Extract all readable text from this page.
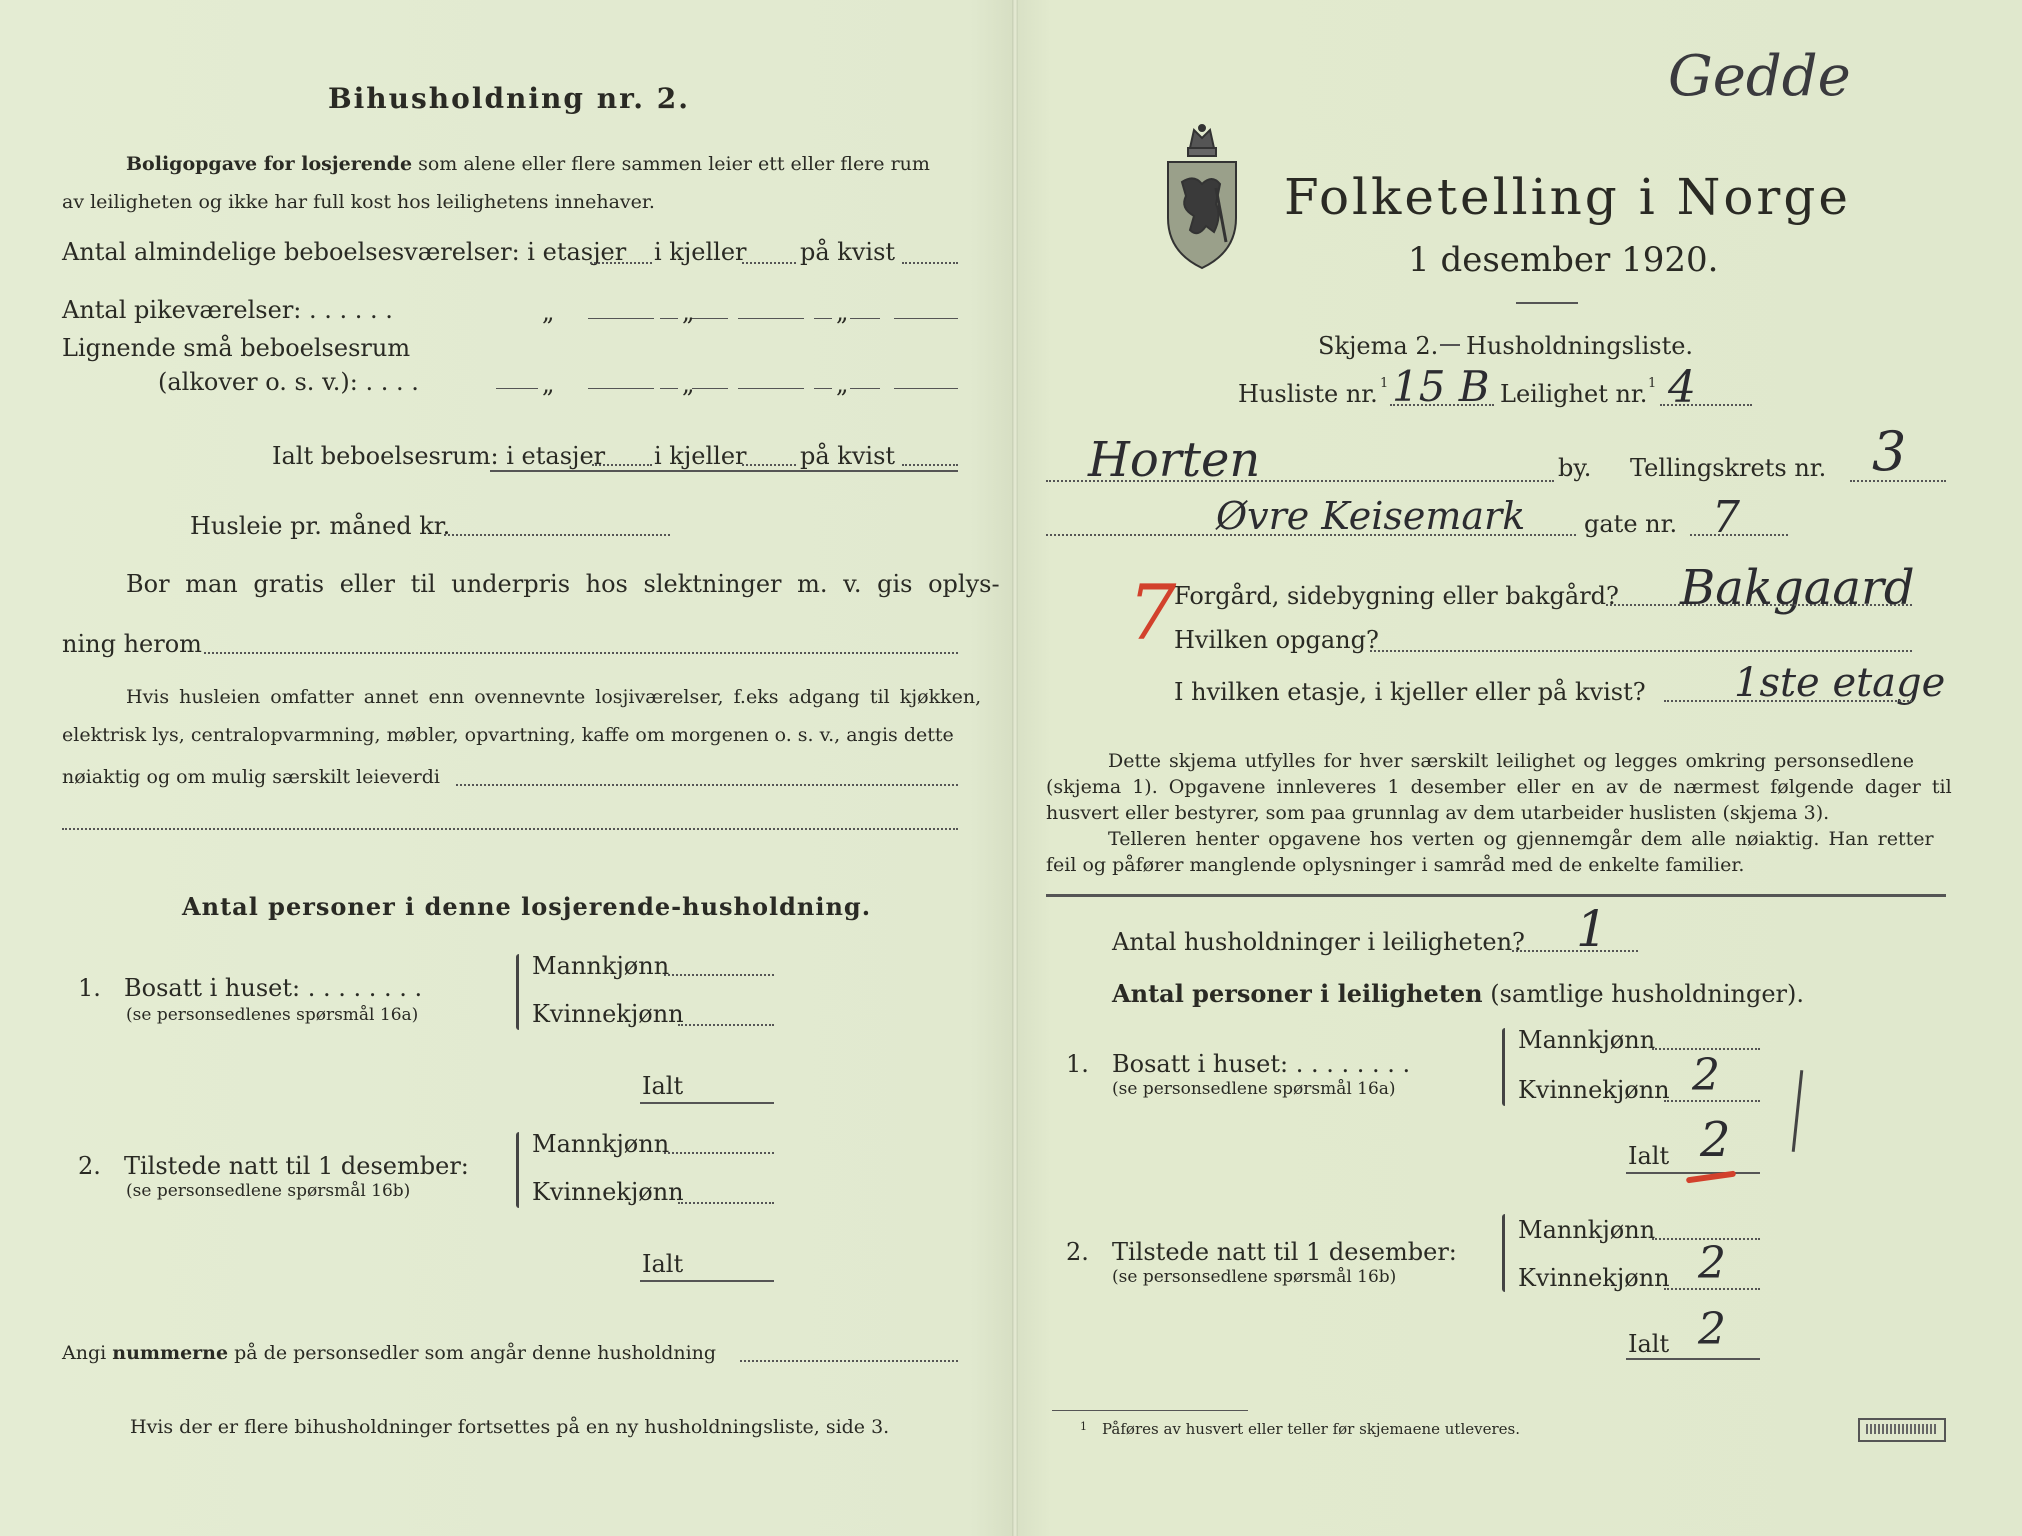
Bihusholdning nr. 2.
Boligopgave for losjerende som alene eller flere sammen leier ett eller flere rum
av leiligheten og ikke har full kost hos leilighetens innehaver.
Antal almindelige beboelsesværelser: i etasjer i kjeller på kvist
Antal pikeværelser: . . . . . .	„	„	„
Lignende små beboelsesrum
(alkover o. s. v.): . . . .	„	„	„
Ialt beboelsesrum: i etasjer i kjeller på kvist
Husleie pr. måned kr.
Bor man gratis eller til underpris hos slektninger m. v. gis oplys-
ning herom
Hvis husleien omfatter annet enn ovennevnte losjiværelser, f.eks adgang til kjøkken,
elektrisk lys, centralopvarmning, møbler, opvartning, kaffe om morgenen o. s. v., angis dette
nøiaktig og om mulig særskilt leieverdi
Antal personer i denne losjerende-husholdning.
1. Bosatt i huset: . . . . . . . .
(se personsedlenes spørsmål 16a)
Mannkjønn
Kvinnekjønn
Ialt
2. Tilstede natt til 1 desember:
(se personsedlene spørsmål 16b)
Mannkjønn
Kvinnekjønn
Ialt
Angi nummerne på de personsedler som angår denne husholdning
Hvis der er flere bihusholdninger fortsettes på en ny husholdningsliste, side 3.
Gedde
Folketelling i Norge
1 desember 1920.
Skjema 2. Husholdningsliste.
Husliste nr. 1 15 B Leilighet nr. 1 4
Horten	by. Tellingskrets nr. 3
Øvre Keisemark gate nr. 7
7
Forgård, sidebygning eller bakgård? Bakgaard
Hvilken opgang?
I hvilken etasje, i kjeller eller på kvist? 1ste etage
Dette skjema utfylles for hver særskilt leilighet og legges omkring personsedlene
(skjema 1). Opgavene innleveres 1 desember eller en av de nærmest følgende dager til
husvert eller bestyrer, som paa grunnlag av dem utarbeider huslisten (skjema 3).
Telleren henter opgavene hos verten og gjennemgår dem alle nøiaktig. Han retter
feil og påfører manglende oplysninger i samråd med de enkelte familier.
Antal husholdninger i leiligheten? 1
Antal personer i leiligheten (samtlige husholdninger).
1. Bosatt i huset: . . . . . . . .
(se personsedlene spørsmål 16a)
Mannkjønn
Kvinnekjønn 2
Ialt 2
2. Tilstede natt til 1 desember:
(se personsedlene spørsmål 16b)
Mannkjønn
Kvinnekjønn 2
Ialt 2
1 Påføres av husvert eller teller før skjemaene utleveres.
